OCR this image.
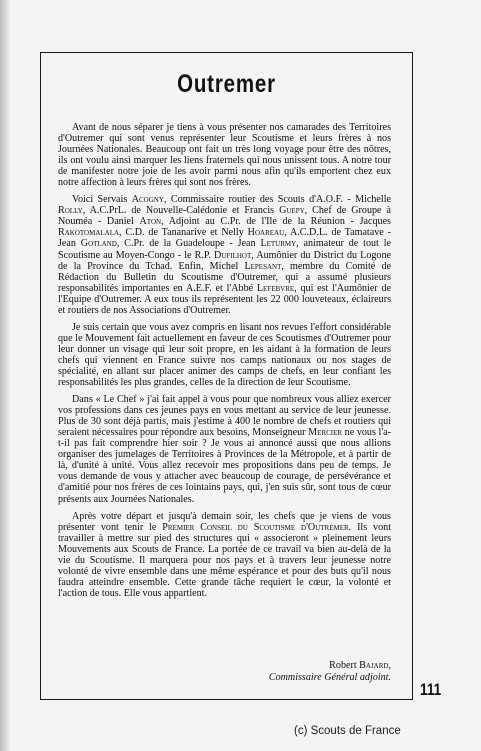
Outremer

Avant de nous séparer je tiens à vous présenter nos camarades des Territoires d'Outremer qui sont venus représenter leur Scoutisme et leurs frères à nos Journées Nationales. Beaucoup ont fait un très long voyage pour être des nôtres, ils ont voulu ainsi marquer les liens fraternels qui nous unissent tous. A notre tour de manifester notre joie de les avoir parmi nous afin qu'ils emportent chez eux notre affection à leurs frères qui sont nos frères.

Voici Servais Acogny, Commissaire routier des Scouts d'A.O.F. - Michelle Rolly, A.C.PrL. de Nouvelle-Calédonie et Francis Guepy, Chef de Groupe à Nouméa - Daniel Aton, Adjoint au C.Pr. de l'Ile de la Réunion - Jacques Rakotomalala, C.D. de Tananarive et Nelly Hoareau, A.C.D.L. de Tamatave - Jean Gotland, C.Pr. de la Guadeloupe - Jean Leturmy, animateur de tout le Scoutisme au Moyen-Congo - le R.P. Dufilhot, Aumônier du District du Logone de la Province du Tchad. Enfin, Michel Lepesant, membre du Comité de Rédaction du Bulletin du Scoutisme d'Outremer, qui a assumé plusieurs responsabilités importantes en A.E.F. et l'Abbé Lefebvre, qui est l'Aumônier de l'Equipe d'Outremer. A eux tous ils représentent les 22 000 louveteaux, éclaireurs et routiers de nos Associations d'Outremer.

Je suis certain que vous avez compris en lisant nos revues l'effort considérable que le Mouvement fait actuellement en faveur de ces Scoutismes d'Outremer pour leur donner un visage qui leur soit propre, en les aidant à la formation de leurs chefs qui viennent en France suivre nos camps nationaux ou nos stages de spécialité, en allant sur placer animer des camps de chefs, en leur confiant les responsabilités les plus grandes, celles de la direction de leur Scoutisme.

Dans « Le Chef » j'ai fait appel à vous pour que nombreux vous alliez exercer vos professions dans ces jeunes pays en vous mettant au service de leur jeunesse. Plus de 30 sont déjà partis, mais j'estime à 400 le nombre de chefs et routiers qui seraient nécessaires pour répondre aux besoins, Monseigneur Mercier ne vous l'a-t-il pas fait comprendre hier soir ? Je vous ai annoncé aussi que nous allions organiser des jumelages de Territoires à Provinces de la Métropole, et à partir de là, d'unité à unité. Vous allez recevoir mes propositions dans peu de temps. Je vous demande de vous y attacher avec beaucoup de courage, de persévérance et d'amitié pour nos frères de ces lointains pays, qui, j'en suis sûr, sont tous de cœur présents aux Journées Nationales.

Après votre départ et jusqu'à demain soir, les chefs que je viens de vous présenter vont tenir le Premier Conseil du Scoutisme d'Outremer. Ils vont travailler à mettre sur pied des structures qui « associeront » pleinement leurs Mouvements aux Scouts de France. La portée de ce travail va bien au-delà de la vie du Scoutisme. Il marquera pour nos pays et à travers leur jeunesse notre volonté de vivre ensemble dans une même espérance et pour des buts qu'il nous faudra atteindre ensemble. Cette grande tâche requiert le cœur, la volonté et l'action de tous. Elle vous appartient.

Robert Bajard,
Commissaire Général adjoint.
111
(c) Scouts de France
